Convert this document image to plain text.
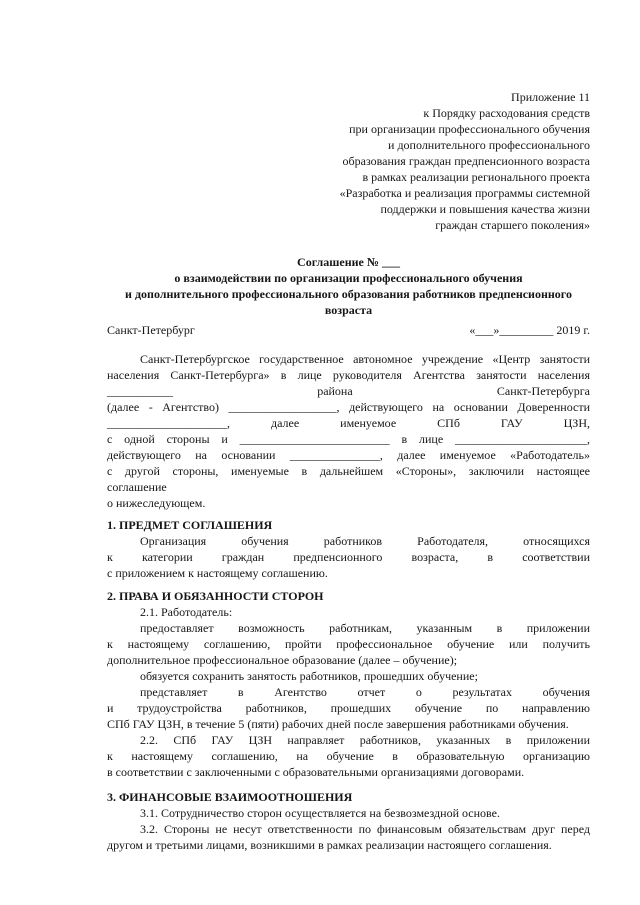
Приложение 11
к Порядку расходования средств
при организации профессионального обучения
и дополнительного профессионального
образования граждан предпенсионного возраста
в рамках реализации регионального проекта
«Разработка и реализация программы системной
поддержки и повышения качества жизни
граждан старшего поколения»
Соглашение № ___
о взаимодействии по организации профессионального обучения
и дополнительного профессионального образования работников предпенсионного
возраста
Санкт-Петербург	«___»_________ 2019 г.
Санкт-Петербургское государственное автономное учреждение «Центр занятости
населения Санкт-Петербурга» в лице руководителя Агентства занятости населения
___________ района Санкт-Петербурга
(далее - Агентство) __________________, действующего на основании Доверенности
____________________, далее именуемое СПб ГАУ ЦЗН,
с одной стороны и _________________________ в лице ______________________,
действующего на основании _______________, далее именуемое «Работодатель»
с другой стороны, именуемые в дальнейшем «Стороны», заключили настоящее
соглашение
о нижеследующем.
1. ПРЕДМЕТ СОГЛАШЕНИЯ
Организация обучения работников Работодателя, относящихся
к категории граждан предпенсионного возраста, в соответствии
с приложением к настоящему соглашению.
2. ПРАВА И ОБЯЗАННОСТИ СТОРОН
2.1. Работодатель:
предоставляет возможность работникам, указанным в приложении
к настоящему соглашению, пройти профессиональное обучение или получить
дополнительное профессиональное образование (далее – обучение);
обязуется сохранить занятость работников, прошедших обучение;
представляет в Агентство отчет о результатах обучения
и трудоустройства работников, прошедших обучение по направлению
СПб ГАУ ЦЗН, в течение 5 (пяти) рабочих дней после завершения работниками обучения.
2.2. СПб ГАУ ЦЗН направляет работников, указанных в приложении
к настоящему соглашению, на обучение в образовательную организацию
в соответствии с заключенными с образовательными организациями договорами.
3. ФИНАНСОВЫЕ ВЗАИМООТНОШЕНИЯ
3.1. Сотрудничество сторон осуществляется на безвозмездной основе.
3.2. Стороны не несут ответственности по финансовым обязательствам друг перед
другом и третьими лицами, возникшими в рамках реализации настоящего соглашения.
